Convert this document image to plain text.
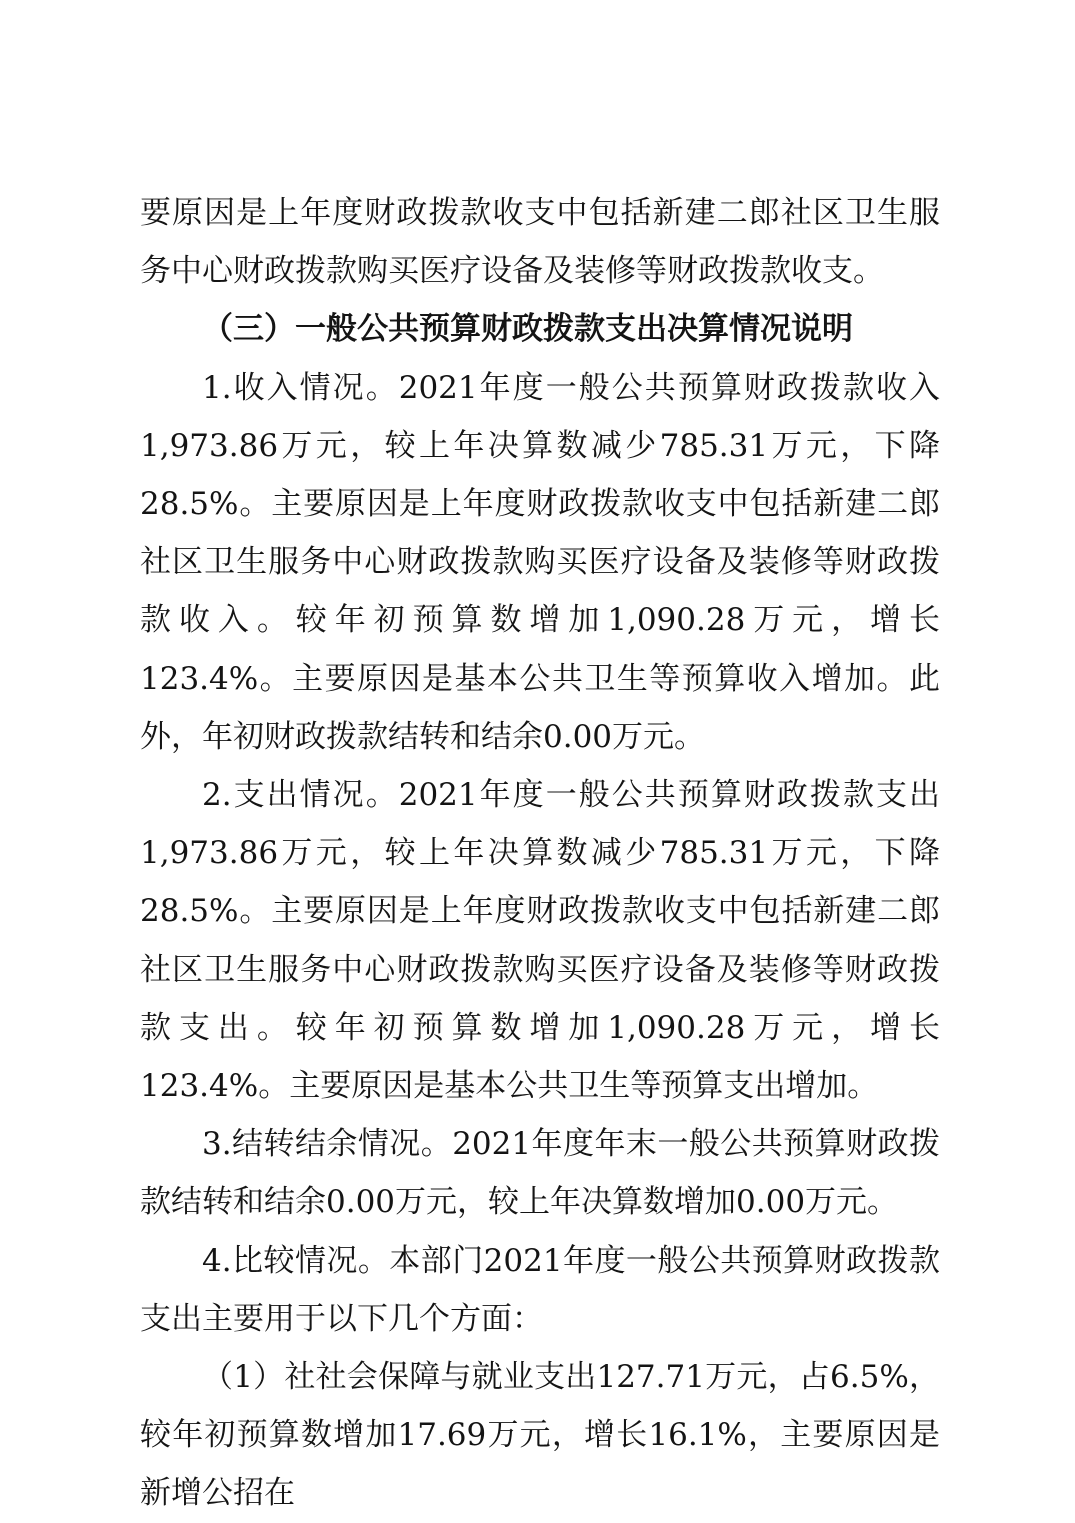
要原因是上年度财政拨款收支中包括新建二郎社区卫生服务中心财政拨款购买医疗设备及装修等财政拨款收支。

（三）一般公共预算财政拨款支出决算情况说明

1.收入情况。2021年度一般公共预算财政拨款收入1,973.86万元，较上年决算数减少785.31万元，下降28.5%。主要原因是上年度财政拨款收支中包括新建二郎社区卫生服务中心财政拨款购买医疗设备及装修等财政拨款收入。较年初预算数增加1,090.28万元，增长123.4%。主要原因是基本公共卫生等预算收入增加。此外，年初财政拨款结转和结余0.00万元。

2.支出情况。2021年度一般公共预算财政拨款支出1,973.86万元，较上年决算数减少785.31万元，下降28.5%。主要原因是上年度财政拨款收支中包括新建二郎社区卫生服务中心财政拨款购买医疗设备及装修等财政拨款支出。较年初预算数增加1,090.28万元，增长123.4%。主要原因是基本公共卫生等预算支出增加。

3.结转结余情况。2021年度年末一般公共预算财政拨款结转和结余0.00万元，较上年决算数增加0.00万元。

4.比较情况。本部门2021年度一般公共预算财政拨款支出主要用于以下几个方面：

（1）社社会保障与就业支出127.71万元，占6.5%，较年初预算数增加17.69万元，增长16.1%，主要原因是新增公招在
